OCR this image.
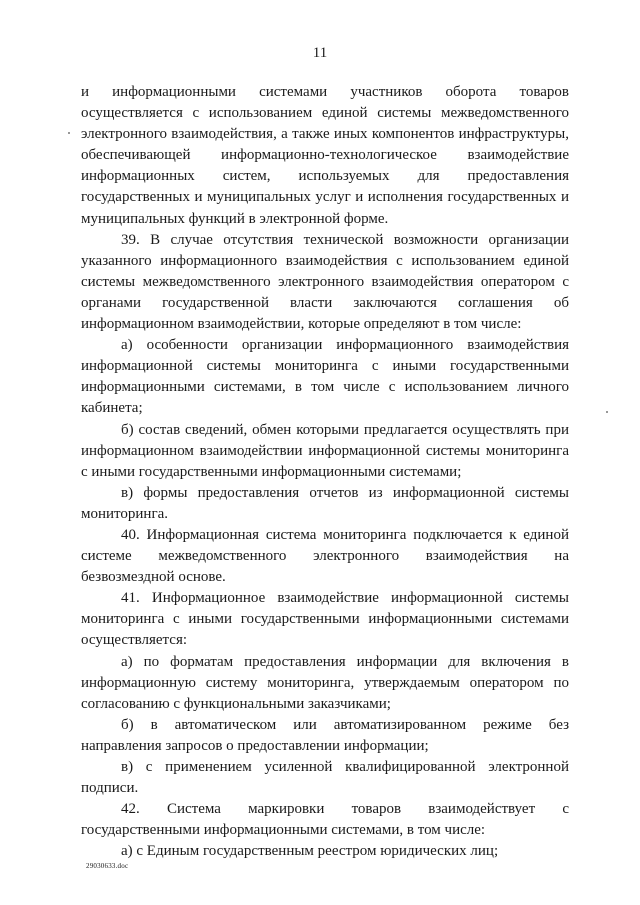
11

и информационными системами участников оборота товаров осуществляется с использованием единой системы межведомственного электронного взаимодействия, а также иных компонентов инфраструктуры, обеспечивающей информационно-технологическое взаимодействие информационных систем, используемых для предоставления государственных и муниципальных услуг и исполнения государственных и муниципальных функций в электронной форме.

39. В случае отсутствия технической возможности организации указанного информационного взаимодействия с использованием единой системы межведомственного электронного взаимодействия оператором с органами государственной власти заключаются соглашения об информационном взаимодействии, которые определяют в том числе:

а) особенности организации информационного взаимодействия информационной системы мониторинга с иными государственными информационными системами, в том числе с использованием личного кабинета;

б) состав сведений, обмен которыми предлагается осуществлять при информационном взаимодействии информационной системы мониторинга с иными государственными информационными системами;

в) формы предоставления отчетов из информационной системы мониторинга.

40. Информационная система мониторинга подключается к единой системе межведомственного электронного взаимодействия на безвозмездной основе.

41. Информационное взаимодействие информационной системы мониторинга с иными государственными информационными системами осуществляется:

а) по форматам предоставления информации для включения в информационную систему мониторинга, утверждаемым оператором по согласованию с функциональными заказчиками;

б) в автоматическом или автоматизированном режиме без направления запросов о предоставлении информации;

в) с применением усиленной квалифицированной электронной подписи.

42. Система маркировки товаров взаимодействует с государственными информационными системами, в том числе:

а) с Единым государственным реестром юридических лиц;

29030633.doc
